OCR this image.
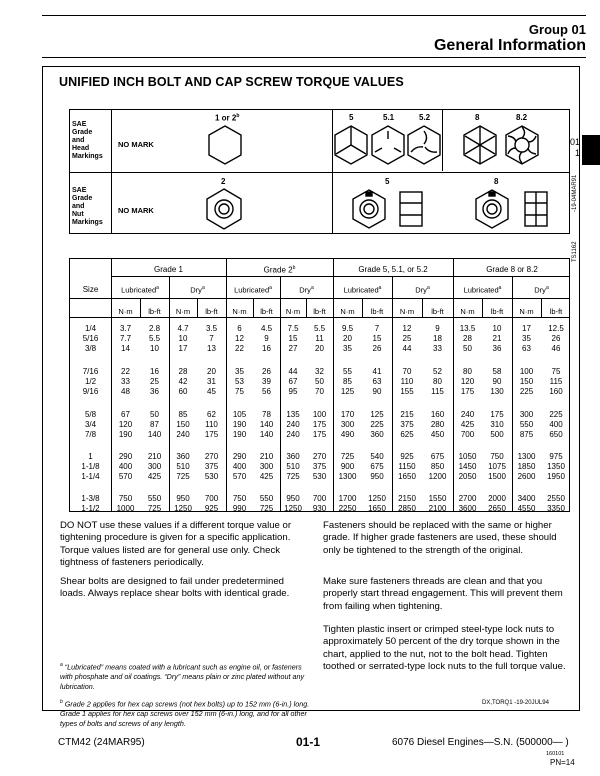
Group 01
General Information
01
1
UNIFIED INCH BOLT AND CAP SCREW TORQUE VALUES
SAE
Grade
and
Head
Markings
SAE
Grade
and
Nut
Markings
NO MARK
NO MARK
1 or 2$^b$	5	5.1	5.2	8	8.2
2	5	8	-19-04MAR91
TS1162
Size
Grade 1	Grade 2$^b$	Grade 5, 5.1, or 5.2	Grade 8 or 8.2
Lubricated$^a$	Dry$^a$	Lubricated$^a$	Dry$^a$	Lubricated$^a$	Dry$^a$	Lubricated$^a$	Dry$^a$
N·m	lb-ft	N·m	lb-ft	N·m	lb-ft	N·m	lb-ft	N·m	lb-ft	N·m	lb-ft	N·m	lb-ft	N·m	lb-ft
1/4	3.7	2.8	4.7	3.5	6	4.5	7.5	5.5	9.5	7	12	9	13.5	10	17	12.5
5/16	7.7	5.5	10	7	12	9	15	11	20	15	25	18	28	21	35	26
3/8	14	10	17	13	22	16	27	20	35	26	44	33	50	36	63	46
7/16	22	16	28	20	35	26	44	32	55	41	70	52	80	58	100	75
1/2	33	25	42	31	53	39	67	50	85	63	110	80	120	90	150	115
9/16	48	36	60	45	75	56	95	70	125	90	155	115	175	130	225	160
5/8	67	50	85	62	105	78	135	100	170	125	215	160	240	175	300	225
3/4	120	87	150	110	190	140	240	175	300	225	375	280	425	310	550	400
7/8	190	140	240	175	190	140	240	175	490	360	625	450	700	500	875	650
1	290	210	360	270	290	210	360	270	725	540	925	675	1050	750	1300	975
1-1/8	400	300	510	375	400	300	510	375	900	675	1150	850	1450	1075	1850	1350
1-1/4	570	425	725	530	570	425	725	530	1300	950	1650	1200	2050	1500	2600	1950
1-3/8	750	550	950	700	750	550	950	700	1700	1250	2150	1550	2700	2000	3400	2550
1-1/2	1000	725	1250	925	990	725	1250	930	2250	1650	2850	2100	3600	2650	4550	3350
DO NOT use these values if a different torque value or tightening procedure is given for a specific application. Torque values listed are for general use only. Check tightness of fasteners periodically.
Shear bolts are designed to fail under predetermined loads. Always replace shear bolts with identical grade.
Fasteners should be replaced with the same or higher grade. If higher grade fasteners are used, these should only be tightened to the strength of the original.
Make sure fasteners threads are clean and that you properly start thread engagement. This will prevent them from failing when tightening.
Tighten plastic insert or crimped steel-type lock nuts to approximately 50 percent of the dry torque shown in the chart, applied to the nut, not to the bolt head. Tighten toothed or serrated-type lock nuts to the full torque value.
$^a$ “Lubricated” means coated with a lubricant such as engine oil, or fasteners with phosphate and oil coatings. “Dry” means plain or zinc plated without any lubrication.
$^b$ Grade 2 applies for hex cap screws (not hex bolts) up to 152 mm (6-in.) long. Grade 1 applies for hex cap screws over 152 mm (6-in.) long, and for all other types of bolts and screws of any length.
DX,TORQ1 -19-20JUL94
CTM42 (24MAR95)	01-1	6076 Diesel Engines—S.N. (500000— )
160101
PN=14
